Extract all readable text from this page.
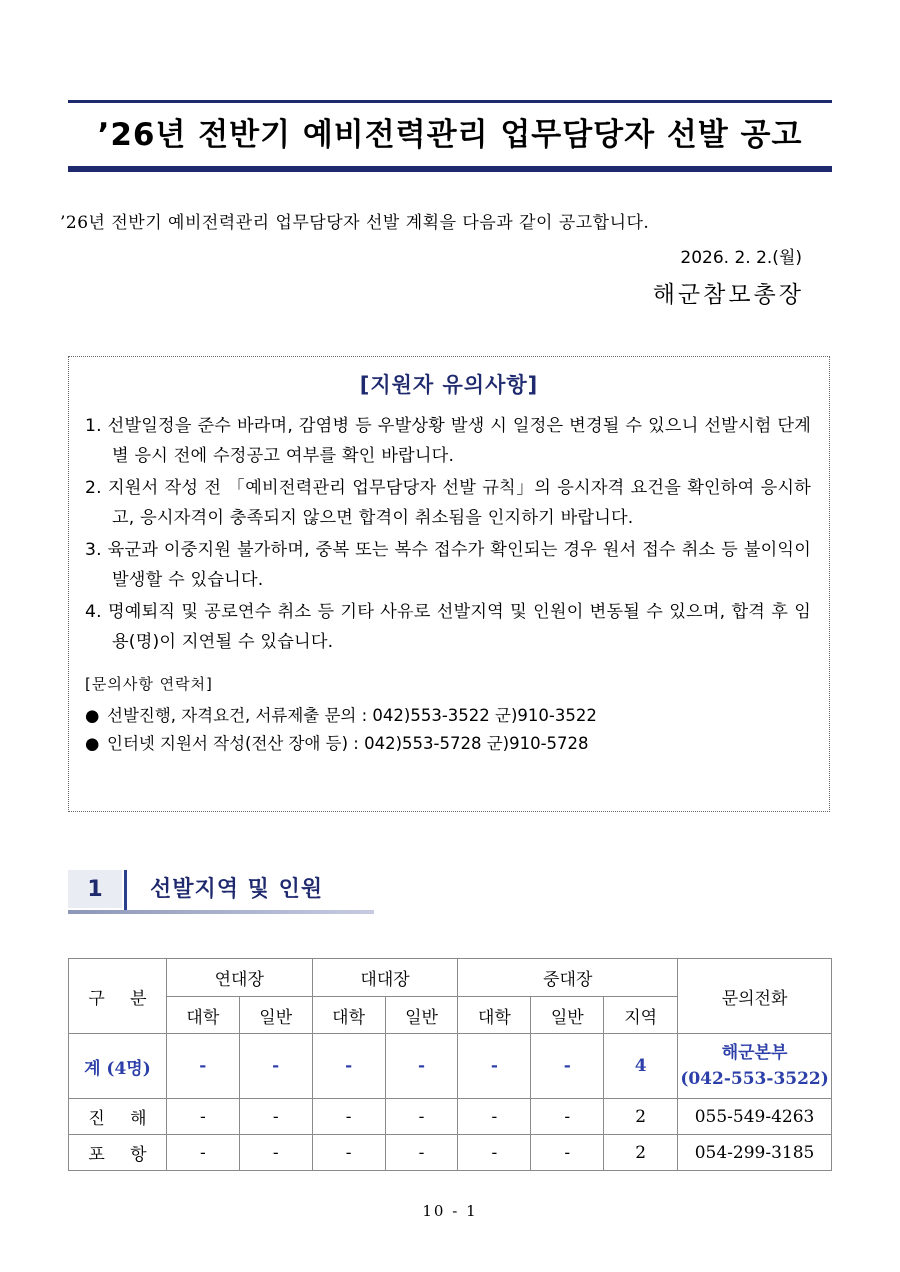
’26년 전반기 예비전력관리 업무담당자 선발 공고
’26년 전반기 예비전력관리 업무담당자 선발 계획을 다음과 같이 공고합니다.
2026. 2. 2.(월)
해군참모총장
[지원자 유의사항]
1. 선발일정을 준수 바라며, 감염병 등 우발상황 발생 시 일정은 변경될 수 있으니 선발시험 단계별 응시 전에 수정공고 여부를 확인 바랍니다.
2. 지원서 작성 전 「예비전력관리 업무담당자 선발 규칙」의 응시자격 요건을 확인하여 응시하고, 응시자격이 충족되지 않으면 합격이 취소됨을 인지하기 바랍니다.
3. 육군과 이중지원 불가하며, 중복 또는 복수 접수가 확인되는 경우 원서 접수 취소 등 불이익이 발생할 수 있습니다.
4. 명예퇴직 및 공로연수 취소 등 기타 사유로 선발지역 및 인원이 변동될 수 있으며, 합격 후 임용(명)이 지연될 수 있습니다.
[문의사항 연락처]
● 선발진행, 자격요건, 서류제출 문의 : 042)553-3522 군)910-3522
● 인터넷 지원서 작성(전산 장애 등) : 042)553-5728 군)910-5728
1	선발지역 및 인원
구 분	연대장		대대장		중대장			문의전화
	대학	일반	대학	일반	대학	일반	지역	
계 (4명)	-	-	-	-	-	-	4	해군본부
(042-553-3522)

진 해	-	-	-	-	-	-	2	055-549-4263
포 항	-	-	-	-	-	-	2	054-299-3185
10 - 1
